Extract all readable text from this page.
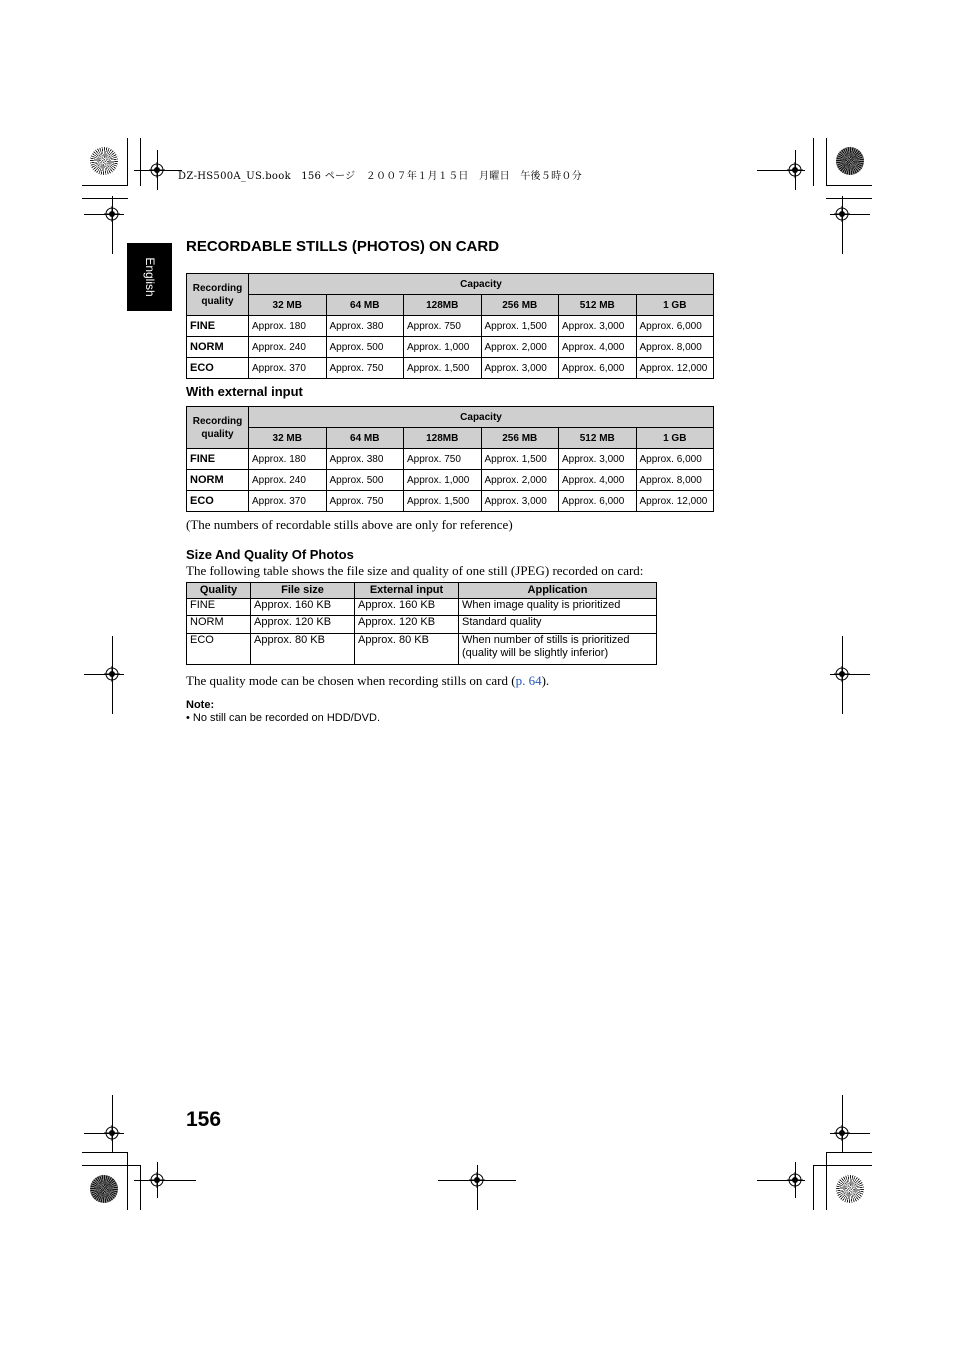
DZ-HS500A_US.book　156 ページ　２００７年１月１５日　月曜日　午後５時０分
English
RECORDABLE STILLS (PHOTOS) ON CARD
Recording quality	Capacity					
	32 MB	64 MB	128MB	256 MB	512 MB	1 GB
FINE	Approx. 180	Approx. 380	Approx. 750	Approx. 1,500	Approx. 3,000	Approx. 6,000
NORM	Approx. 240	Approx. 500	Approx. 1,000	Approx. 2,000	Approx. 4,000	Approx. 8,000
ECO	Approx. 370	Approx. 750	Approx. 1,500	Approx. 3,000	Approx. 6,000	Approx. 12,000
With external input
Recording quality	Capacity					
	32 MB	64 MB	128MB	256 MB	512 MB	1 GB
FINE	Approx. 180	Approx. 380	Approx. 750	Approx. 1,500	Approx. 3,000	Approx. 6,000
NORM	Approx. 240	Approx. 500	Approx. 1,000	Approx. 2,000	Approx. 4,000	Approx. 8,000
ECO	Approx. 370	Approx. 750	Approx. 1,500	Approx. 3,000	Approx. 6,000	Approx. 12,000
(The numbers of recordable stills above are only for reference)
Size And Quality Of Photos
The following table shows the file size and quality of one still (JPEG) recorded on card:
Quality	File size	External input	Application
FINE	Approx. 160 KB	Approx. 160 KB	When image quality is prioritized
NORM	Approx. 120 KB	Approx. 120 KB	Standard quality
ECO	Approx. 80 KB	Approx. 80 KB	When number of stills is prioritized (quality will be slightly inferior)
The quality mode can be chosen when recording stills on card (p. 64).
Note:
• No still can be recorded on HDD/DVD.
156
